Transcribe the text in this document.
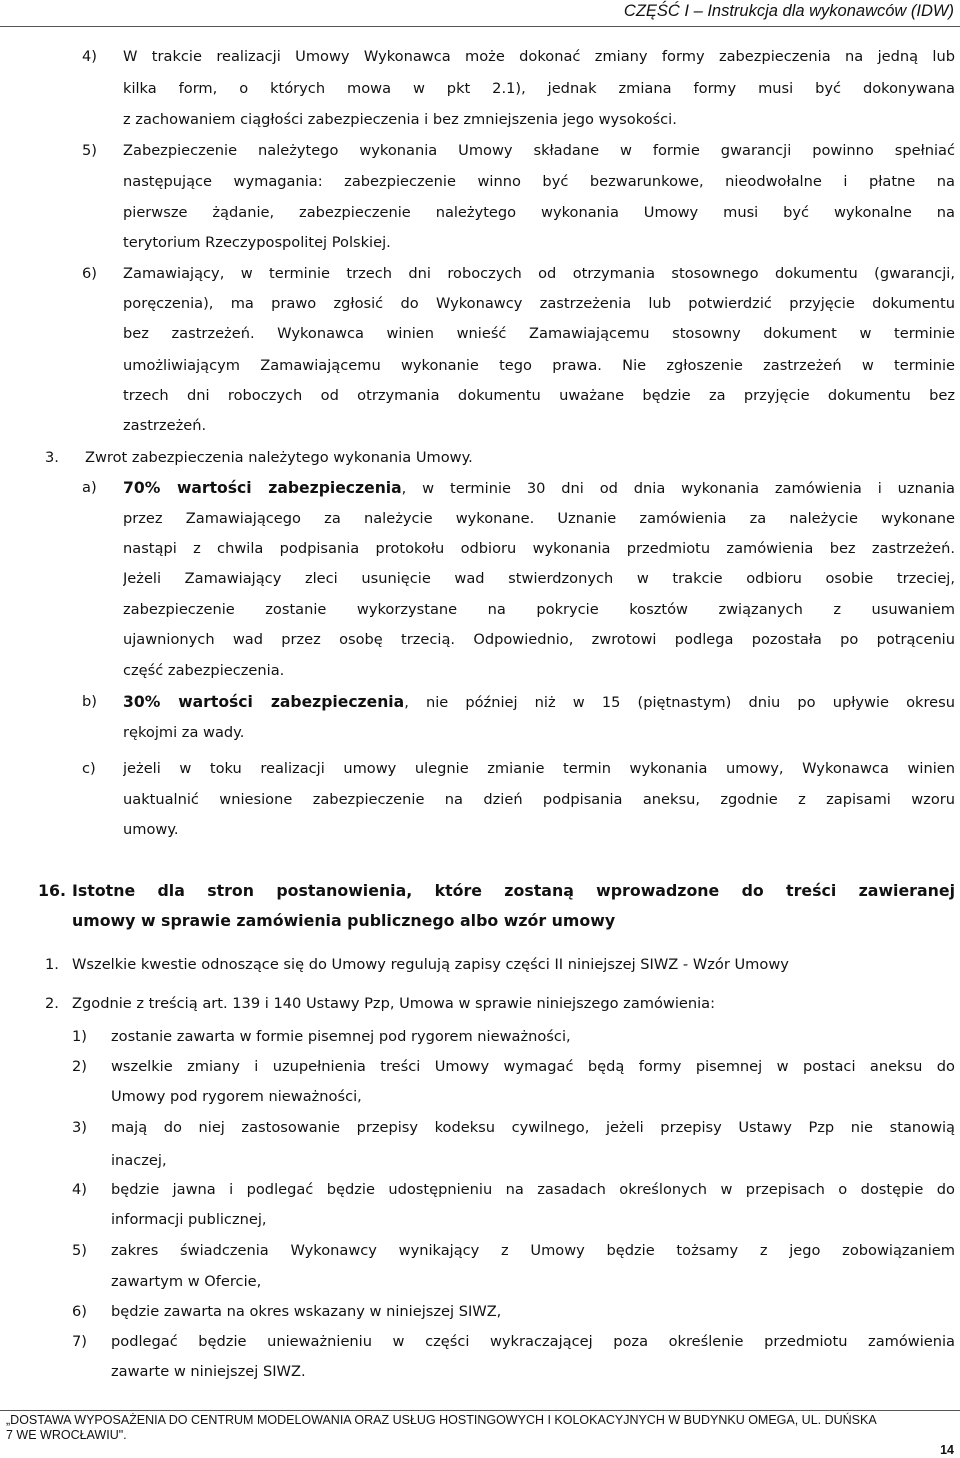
CZĘŚĆ I – Instrukcja dla wykonawców (IDW)
4) W trakcie realizacji Umowy Wykonawca może dokonać zmiany formy zabezpieczenia na jedną lub
kilka form, o których mowa w pkt 2.1), jednak zmiana formy musi być dokonywana
z zachowaniem ciągłości zabezpieczenia i bez zmniejszenia jego wysokości.
5) Zabezpieczenie należytego wykonania Umowy składane w formie gwarancji powinno spełniać
następujące wymagania: zabezpieczenie winno być bezwarunkowe, nieodwołalne i płatne na
pierwsze żądanie, zabezpieczenie należytego wykonania Umowy musi być wykonalne na
terytorium Rzeczypospolitej Polskiej.
6) Zamawiający, w terminie trzech dni roboczych od otrzymania stosownego dokumentu (gwarancji,
poręczenia), ma prawo zgłosić do Wykonawcy zastrzeżenia lub potwierdzić przyjęcie dokumentu
bez zastrzeżeń. Wykonawca winien wnieść Zamawiającemu stosowny dokument w terminie
umożliwiającym Zamawiającemu wykonanie tego prawa. Nie zgłoszenie zastrzeżeń w terminie
trzech dni roboczych od otrzymania dokumentu uważane będzie za przyjęcie dokumentu bez
zastrzeżeń.
3. Zwrot zabezpieczenia należytego wykonania Umowy.
a) 70% wartości zabezpieczenia, w terminie 30 dni od dnia wykonania zamówienia i uznania
przez Zamawiającego za należycie wykonane. Uznanie zamówienia za należycie wykonane
nastąpi z chwila podpisania protokołu odbioru wykonania przedmiotu zamówienia bez zastrzeżeń.
Jeżeli Zamawiający zleci usunięcie wad stwierdzonych w trakcie odbioru osobie trzeciej,
zabezpieczenie zostanie wykorzystane na pokrycie kosztów związanych z usuwaniem
ujawnionych wad przez osobę trzecią. Odpowiednio, zwrotowi podlega pozostała po potrąceniu
część zabezpieczenia.
b) 30% wartości zabezpieczenia, nie później niż w 15 (piętnastym) dniu po upływie okresu
rękojmi za wady.
c) jeżeli w toku realizacji umowy ulegnie zmianie termin wykonania umowy, Wykonawca winien
uaktualnić wniesione zabezpieczenie na dzień podpisania aneksu, zgodnie z zapisami wzoru
umowy.
16. Istotne dla stron postanowienia, które zostaną wprowadzone do treści zawieranej
umowy w sprawie zamówienia publicznego albo wzór umowy
1. Wszelkie kwestie odnoszące się do Umowy regulują zapisy części II niniejszej SIWZ - Wzór Umowy
2. Zgodnie z treścią art. 139 i 140 Ustawy Pzp, Umowa w sprawie niniejszego zamówienia:
1) zostanie zawarta w formie pisemnej pod rygorem nieważności,
2) wszelkie zmiany i uzupełnienia treści Umowy wymagać będą formy pisemnej w postaci aneksu do
Umowy pod rygorem nieważności,
3) mają do niej zastosowanie przepisy kodeksu cywilnego, jeżeli przepisy Ustawy Pzp nie stanowią
inaczej,
4) będzie jawna i podlegać będzie udostępnieniu na zasadach określonych w przepisach o dostępie do
informacji publicznej,
5) zakres świadczenia Wykonawcy wynikający z Umowy będzie tożsamy z jego zobowiązaniem
zawartym w Ofercie,
6) będzie zawarta na okres wskazany w niniejszej SIWZ,
7) podlegać będzie unieważnieniu w części wykraczającej poza określenie przedmiotu zamówienia
zawarte w niniejszej SIWZ.
„DOSTAWA WYPOSAŻENIA DO CENTRUM MODELOWANIA ORAZ USŁUG HOSTINGOWYCH I KOLOKACYJNYCH W BUDYNKU OMEGA, UL. DUŃSKA
7 WE WROCŁAWIU".
14
